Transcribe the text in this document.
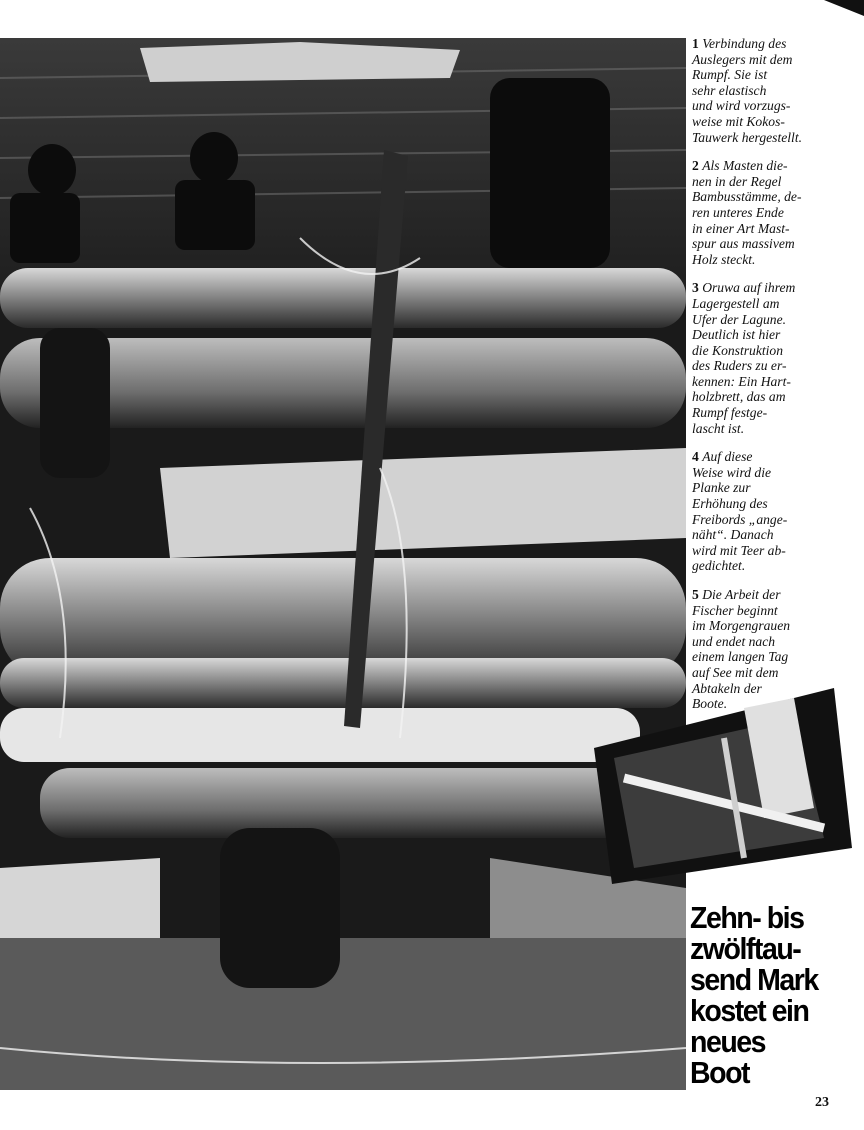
1 Verbindung des
Auslegers mit dem
Rumpf. Sie ist
sehr elastisch
und wird vorzugs-
weise mit Kokos-
Tauwerk hergestellt.

2 Als Masten die-
nen in der Regel
Bambusstämme, de-
ren unteres Ende
in einer Art Mast-
spur aus massivem
Holz steckt.

3 Oruwa auf ihrem
Lagergestell am
Ufer der Lagune.
Deutlich ist hier
die Konstruktion
des Ruders zu er-
kennen: Ein Hart-
holzbrett, das am
Rumpf festge-
lascht ist.

4 Auf diese
Weise wird die
Planke zur
Erhöhung des
Freibords „ange-
näht“. Danach
wird mit Teer ab-
gedichtet.

5 Die Arbeit der
Fischer beginnt
im Morgengrauen
und endet nach
einem langen Tag
auf See mit dem
Abtakeln der
Boote.

Zehn- bis
zwölftau-
send Mark
kostet ein
neues
Boot
23
